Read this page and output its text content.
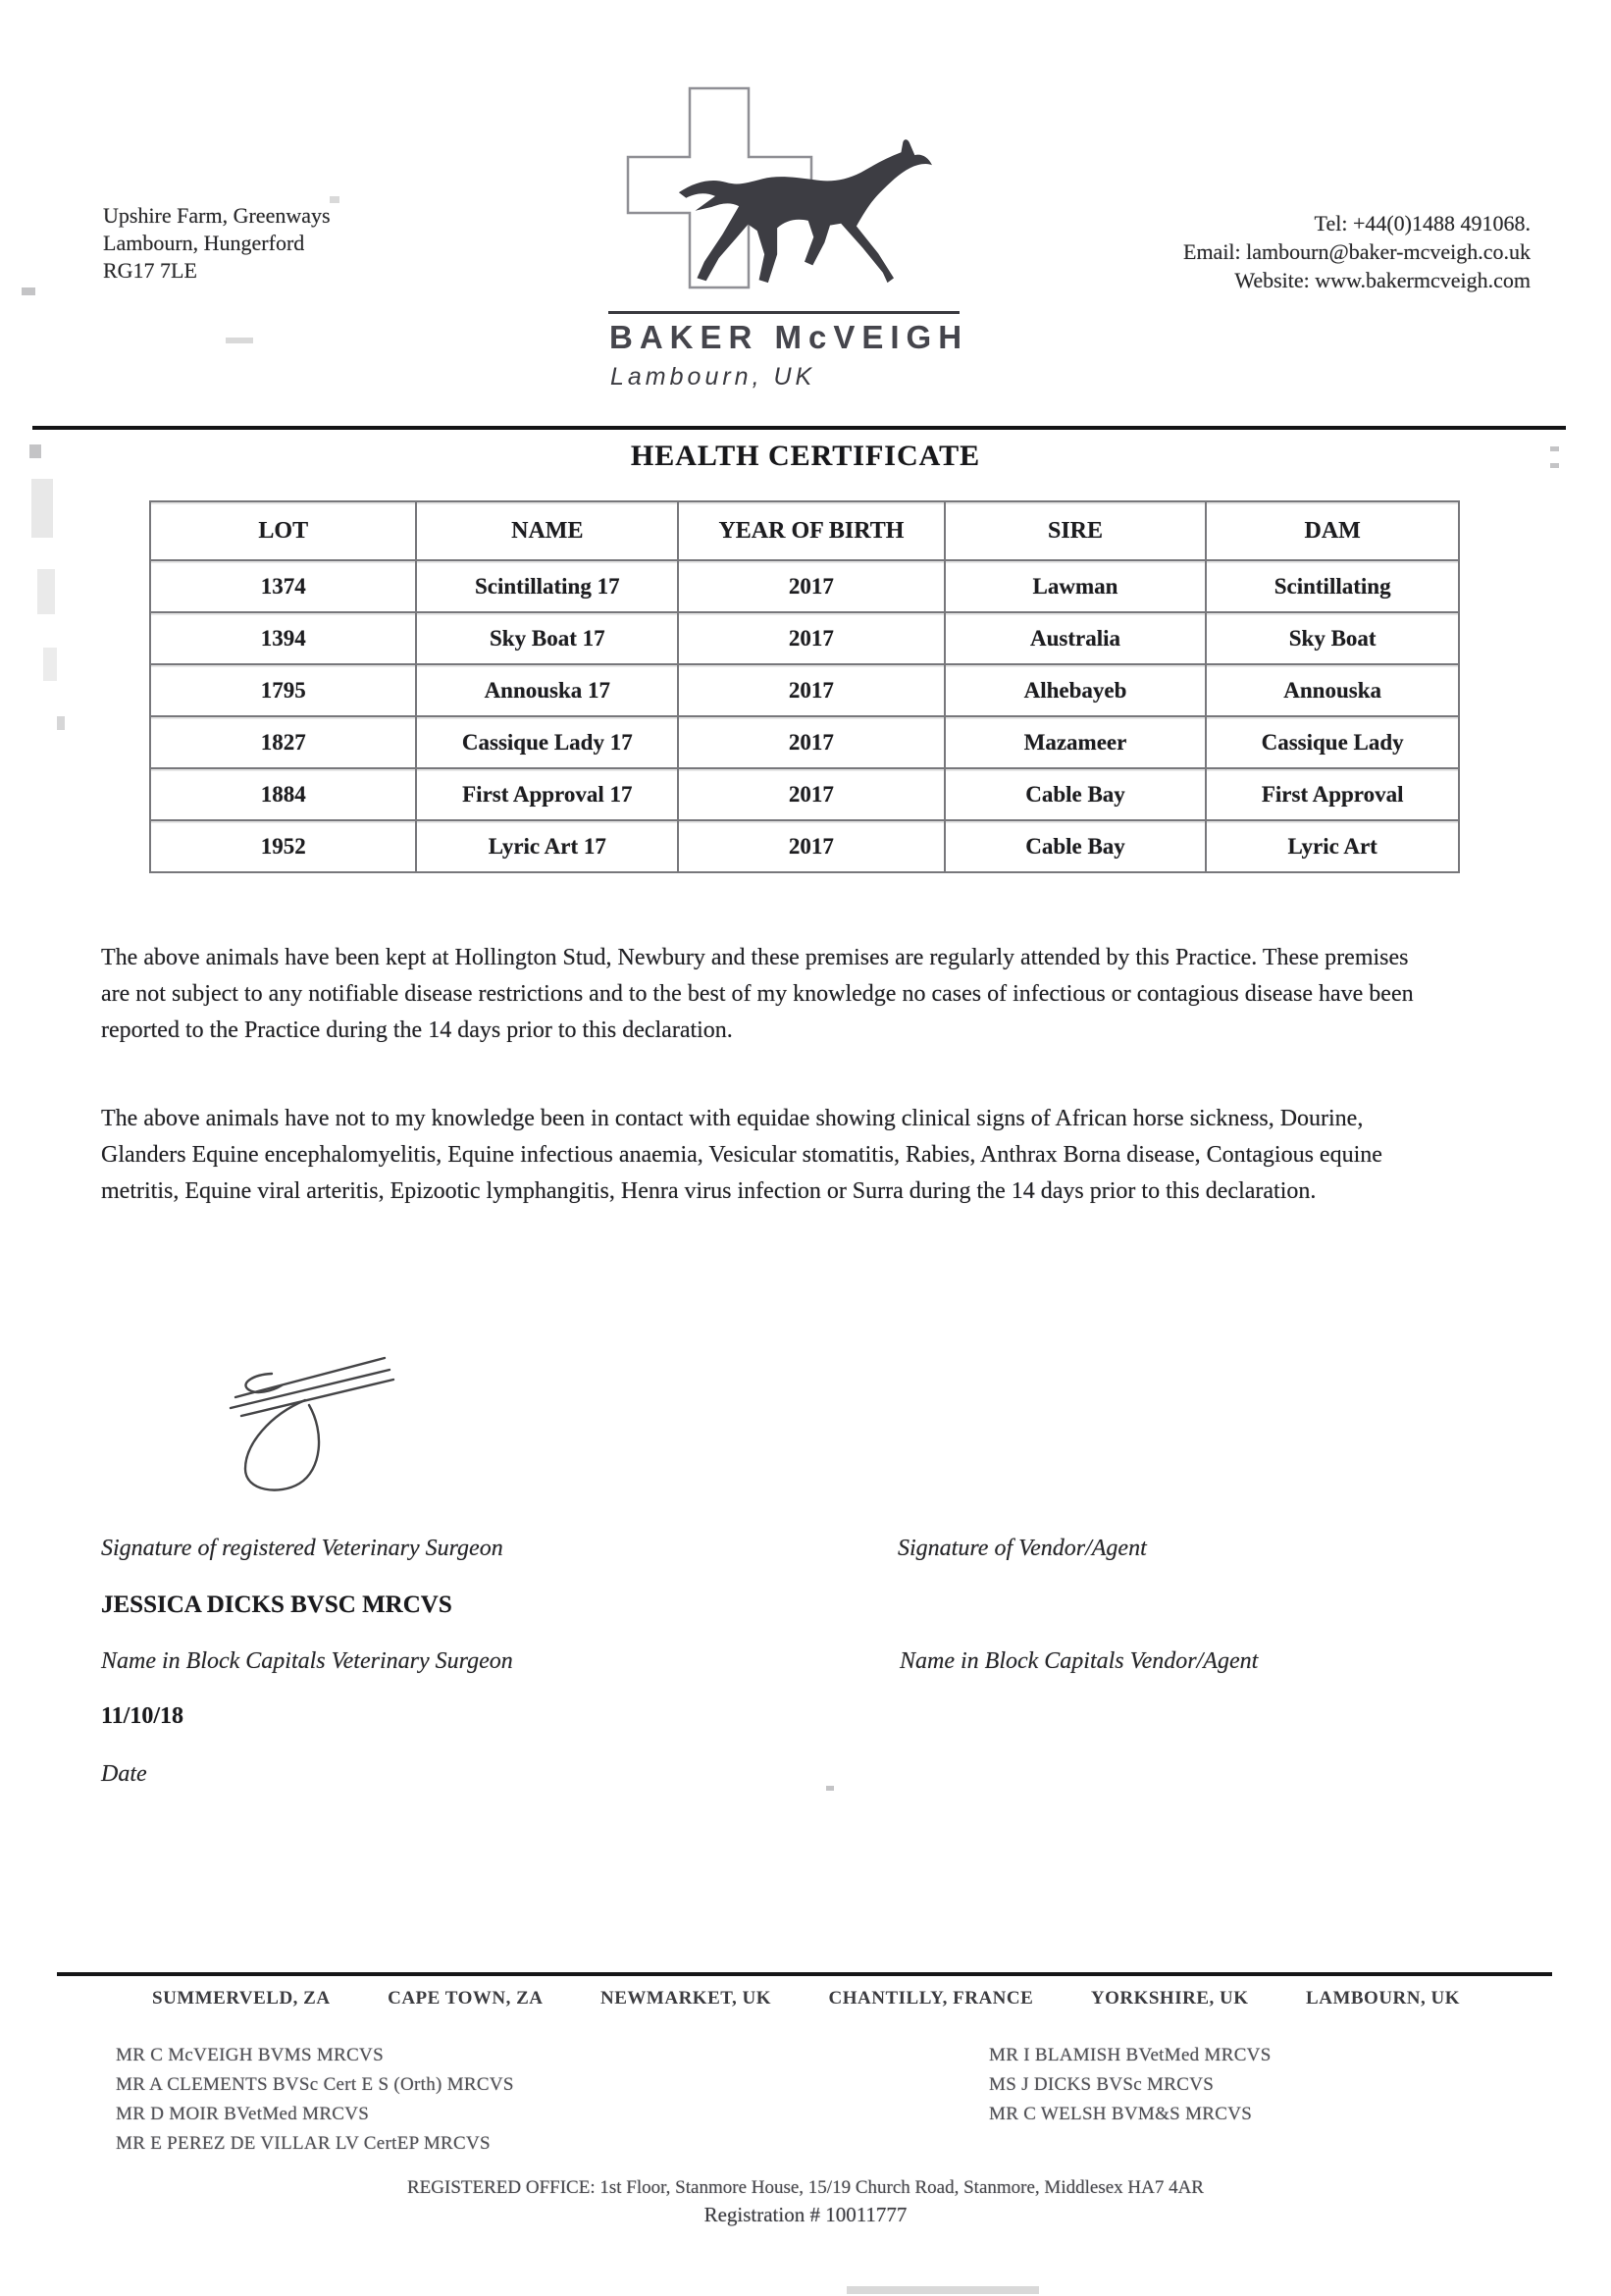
Upshire Farm, Greenways
Lambourn, Hungerford
RG17 7LE
Tel: +44(0)1488 491068.
Email: lambourn@baker-mcveigh.co.uk
Website: www.bakermcveigh.com
BAKER McVEIGH
Lambourn, UK
HEALTH CERTIFICATE
LOT	NAME	YEAR OF BIRTH	SIRE	DAM
1374	Scintillating 17	2017	Lawman	Scintillating
1394	Sky Boat 17	2017	Australia	Sky Boat
1795	Annouska 17	2017	Alhebayeb	Annouska
1827	Cassique Lady 17	2017	Mazameer	Cassique Lady
1884	First Approval 17	2017	Cable Bay	First Approval
1952	Lyric Art 17	2017	Cable Bay	Lyric Art
The above animals have been kept at Hollington Stud, Newbury and these premises are regularly attended by this Practice. These premises are not subject to any notifiable disease restrictions and to the best of my knowledge no cases of infectious or contagious disease have been reported to the Practice during the 14 days prior to this declaration.
The above animals have not to my knowledge been in contact with equidae showing clinical signs of African horse sickness, Dourine, Glanders Equine encephalomyelitis, Equine infectious anaemia, Vesicular stomatitis, Rabies, Anthrax Borna disease, Contagious equine metritis, Equine viral arteritis, Epizootic lymphangitis, Henra virus infection or Surra during the 14 days prior to this declaration.
Signature of registered Veterinary Surgeon	Signature of Vendor/Agent
JESSICA DICKS BVSC MRCVS
Name in Block Capitals Veterinary Surgeon	Name in Block Capitals Vendor/Agent
11/10/18
Date
SUMMERVELD, ZA	CAPE TOWN, ZA	NEWMARKET, UK	CHANTILLY, FRANCE	YORKSHIRE, UK	LAMBOURN, UK
MR C McVEIGH BVMS MRCVS
MR A CLEMENTS BVSc Cert E S (Orth) MRCVS
MR D MOIR BVetMed MRCVS
MR E PEREZ DE VILLAR LV CertEP MRCVS
MR I BLAMISH BVetMed MRCVS
MS J DICKS BVSc MRCVS
MR C WELSH BVM&S MRCVS
REGISTERED OFFICE: 1st Floor, Stanmore House, 15/19 Church Road, Stanmore, Middlesex HA7 4AR
Registration # 10011777
